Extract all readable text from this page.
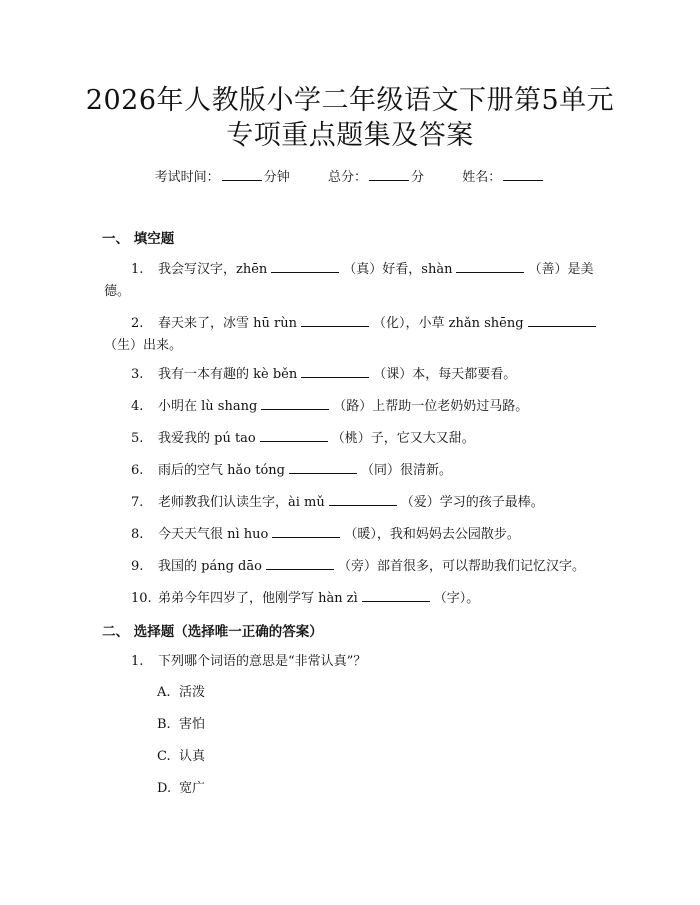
2026年人教版小学二年级语文下册第5单元
专项重点题集及答案
考试时间：	分钟	总分：	分	姓名：
一、 填空题
1. 我会写汉字，zhēn	（真）好看，shàn	（善）是美
德。
2. 春天来了，冰雪 hū rùn	（化），小草 zhǎn shēng
（生）出来。
3. 我有一本有趣的 kè běn	（课）本，每天都要看。
4. 小明在 lù shang	（路）上帮助一位老奶奶过马路。
5. 我爱我的 pú tao	（桃）子，它又大又甜。
6. 雨后的空气 hǎo tóng	（同）很清新。
7. 老师教我们认读生字，ài mǔ	（爱）学习的孩子最棒。
8. 今天天气很 nì huo	（暖），我和妈妈去公园散步。
9. 我国的 páng dāo	（旁）部首很多，可以帮助我们记忆汉字。
10. 弟弟今年四岁了，他刚学写 hàn zì	（字）。
二、 选择题（选择唯一正确的答案）
1. 下列哪个词语的意思是“非常认真”？
A. 活泼
B. 害怕
C. 认真
D. 宽广
